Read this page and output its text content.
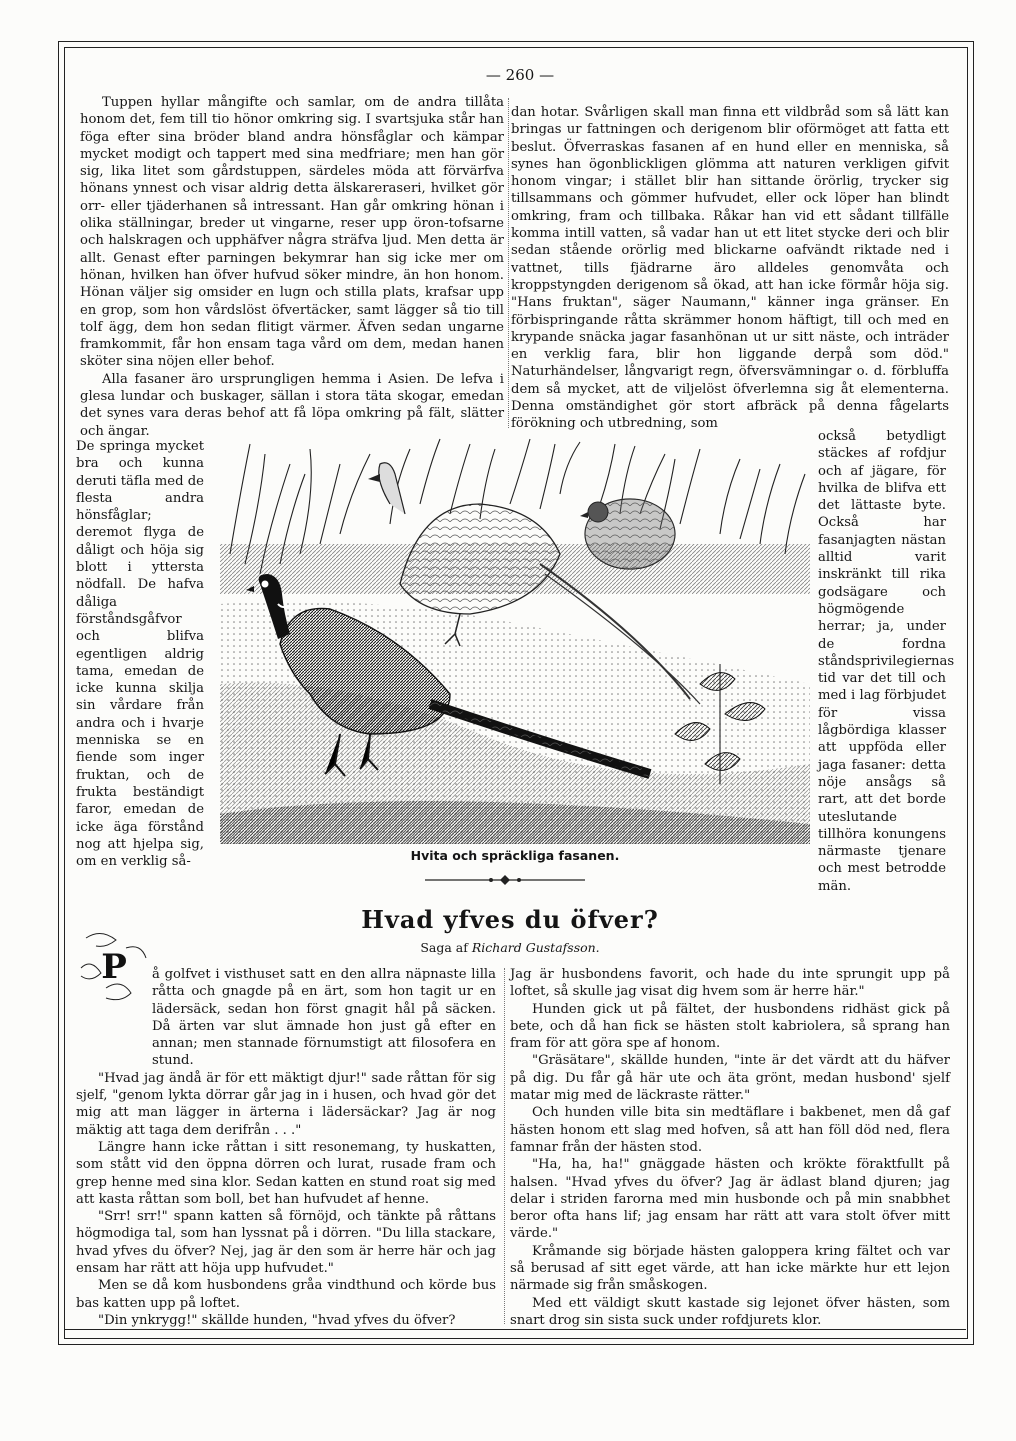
— 260 —

Tuppen hyllar mångifte och samlar, om de andra tillåta honom det, fem till tio hönor omkring sig. I svartsjuka står han föga efter sina bröder bland andra hönsfåglar och kämpar mycket modigt och tappert med sina medfriare; men han gör sig, lika litet som gårdstuppen, särdeles möda att förvärfva hönans ynnest och visar aldrig detta älskareraseri, hvilket gör orr- eller tjäderhanen så intressant. Han går omkring hönan i olika ställningar, breder ut vingarne, reser upp öron-tofsarne och halskragen och upphäfver några sträfva ljud. Men detta är allt. Genast efter parningen bekymrar han sig icke mer om hönan, hvilken han öfver hufvud söker mindre, än hon honom. Hönan väljer sig omsider en lugn och stilla plats, krafsar upp en grop, som hon vårdslöst öfvertäcker, samt lägger så tio till tolf ägg, dem hon sedan flitigt värmer. Äfven sedan ungarne framkommit, får hon ensam taga vård om dem, medan hanen sköter sina nöjen eller behof.

Alla fasaner äro ursprungligen hemma i Asien. De lefva i glesa lundar och buskager, sällan i stora täta skogar, emedan det synes vara deras behof att få löpa omkring på fält, slätter och ängar.

dan hotar. Svårligen skall man finna ett vildbråd som så lätt kan bringas ur fattningen och derigenom blir oförmöget att fatta ett beslut. Öfverraskas fasanen af en hund eller en menniska, så synes han ögonblickligen glömma att naturen verkligen gifvit honom vingar; i stället blir han sittande örörlig, trycker sig tillsammans och gömmer hufvudet, eller ock löper han blindt omkring, fram och tillbaka. Råkar han vid ett sådant tillfälle komma intill vatten, så vadar han ut ett litet stycke deri och blir sedan stående orörlig med blickarne oafvändt riktade ned i vattnet, tills fjädrarne äro alldeles genomvåta och kroppstyngden derigenom så ökad, att han icke förmår höja sig. "Hans fruktan", säger Naumann," känner inga gränser. En förbispringande råtta skrämmer honom häftigt, till och med en krypande snäcka jagar fasanhönan ut ur sitt näste, och inträder en verklig fara, blir hon liggande derpå som död." Naturhändelser, långvarigt regn, öfversvämningar o. d. förbluffa dem så mycket, att de viljelöst öfverlemna sig åt elementerna. Denna omständighet gör stort afbräck på denna fågelarts förökning och utbredning, som

De springa mycket bra och kunna deruti täfla med de flesta andra hönsfåglar; deremot flyga de dåligt och höja sig blott i yttersta nödfall. De hafva dåliga förståndsgåfvor och blifva egentligen aldrig tama, emedan de icke kunna skilja sin vårdare från andra och i hvarje menniska se en fiende som inger fruktan, och de frukta beständigt faror, emedan de icke äga förstånd nog att hjelpa sig, om en verklig så-

också betydligt stäckes af rofdjur och af jägare, för hvilka de blifva ett det lättaste byte. Också har fasanjagten nästan alltid varit inskränkt till rika godsägare och högmögende herrar; ja, under de fordna ståndsprivilegiernas tid var det till och med i lag förbjudet för vissa lågbördiga klasser att uppföda eller jaga fasaner: detta nöje ansågs så rart, att det borde uteslutande tillhöra konungens närmaste tjenare och mest betrodde män.

Hvita och spräckliga fasanen.
Hvad yfves du öfver?
Saga af Richard Gustafsson.
P	å golfvet i visthuset satt en den allra näpnaste lilla råtta och gnagde på en ärt, som hon tagit ur en lädersäck, sedan hon först gnagit hål på säcken. Då ärten var slut ämnade hon just gå efter en annan; men stannade förnumstigt att filosofera en stund.

"Hvad jag ändå är för ett mäktigt djur!" sade råttan för sig sjelf, "genom lykta dörrar går jag in i husen, och hvad gör det mig att man lägger in ärterna i lädersäckar? Jag är nog mäktig att taga dem derifrån . . ."

Längre hann icke råttan i sitt resonemang, ty huskatten, som stått vid den öppna dörren och lurat, rusade fram och grep henne med sina klor. Sedan katten en stund roat sig med att kasta råttan som boll, bet han hufvudet af henne.

"Srr! srr!" spann katten så förnöjd, och tänkte på råttans högmodiga tal, som han lyssnat på i dörren. "Du lilla stackare, hvad yfves du öfver? Nej, jag är den som är herre här och jag ensam har rätt att höja upp hufvudet."

Men se då kom husbondens gråa vindthund och körde bus bas katten upp på loftet.

"Din ynkrygg!" skällde hunden, "hvad yfves du öfver?

Jag är husbondens favorit, och hade du inte sprungit upp på loftet, så skulle jag visat dig hvem som är herre här."

Hunden gick ut på fältet, der husbondens ridhäst gick på bete, och då han fick se hästen stolt kabriolera, så sprang han fram för att göra spe af honom.

"Gräsätare", skällde hunden, "inte är det värdt att du häfver på dig. Du får gå här ute och äta grönt, medan husbond' sjelf matar mig med de läckraste rätter."

Och hunden ville bita sin medtäflare i bakbenet, men då gaf hästen honom ett slag med hofven, så att han föll död ned, flera famnar från der hästen stod.

"Ha, ha, ha!" gnäggade hästen och krökte föraktfullt på halsen. "Hvad yfves du öfver? Jag är ädlast bland djuren; jag delar i striden farorna med min husbonde och på min snabbhet beror ofta hans lif; jag ensam har rätt att vara stolt öfver mitt värde."

Kråmande sig började hästen galoppera kring fältet och var så berusad af sitt eget värde, att han icke märkte hur ett lejon närmade sig från småskogen.

Med ett väldigt skutt kastade sig lejonet öfver hästen, som snart drog sin sista suck under rofdjurets klor.
